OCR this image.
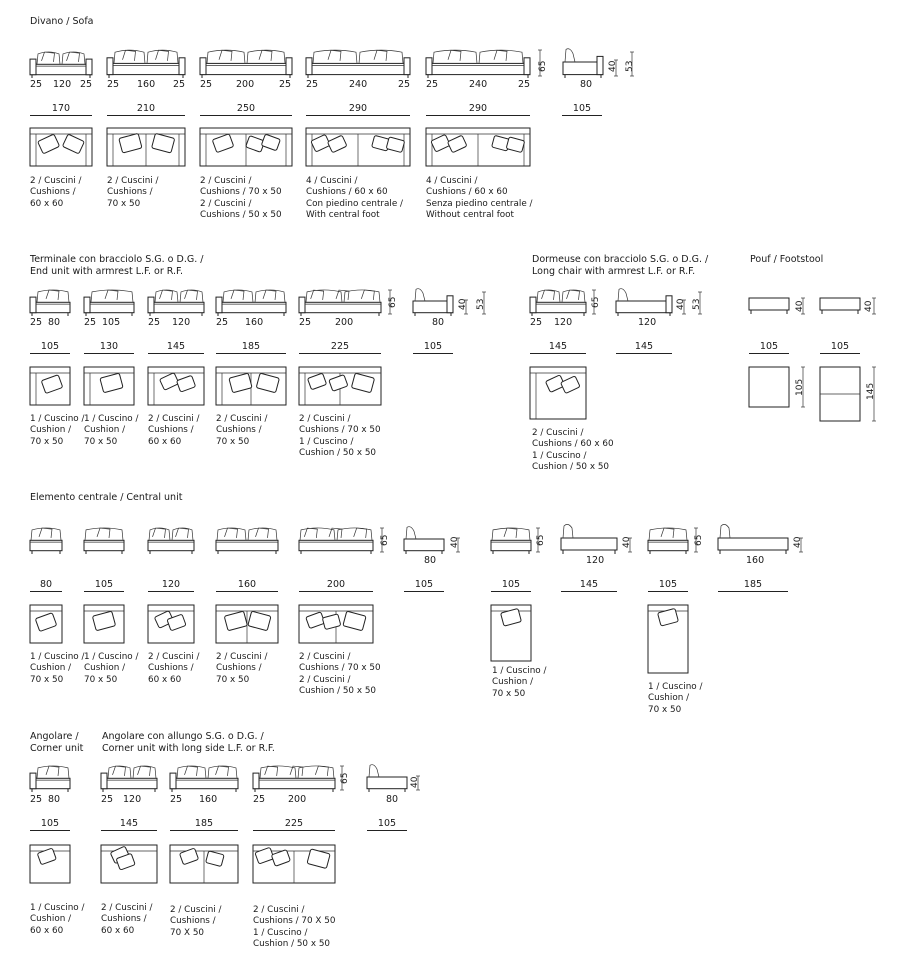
Divano / Sofa
Terminale con bracciolo S.G. o D.G. /
End unit with armrest L.F. or R.F.
Dormeuse con bracciolo S.G. o D.G. /
Long chair with armrest L.F. or R.F.
Pouf / Footstool
Elemento centrale / Central unit
Angolare /
Corner unit
Angolare con allungo S.G. o D.G. /
Corner unit with long side L.F. or R.F.
25 120 25
170
2 / Cuscini /
Cushions /
60 x 60
25 160 25
210
2 / Cuscini /
Cushions /
70 x 50
25	200	25
250
2 / Cuscini /
Cushions / 70 x 50
2 / Cuscini /
Cushions / 50 x 50
25	240	25
290
4 / Cuscini /
Cushions / 60 x 60
Con piedino centrale /
With central foot
25	240	25
290
4 / Cuscini /
Cushions / 60 x 60
Senza piedino centrale /
Without central foot
65
80
40 53
105
25 80
105
1 / Cuscino /
Cushion /
70 x 50
25 105
130
1 / Cuscino /
Cushion /
70 x 50
25 120
145
2 / Cuscini /
Cushions /
60 x 60
25 160
185
2 / Cuscini /
Cushions /
70 x 50
25	200
225
2 / Cuscini /
Cushions / 70 x 50
1 / Cuscino /
Cushion / 50 x 50
65
80
40 53
105
25 120
65
120
40 53
145	145
2 / Cuscini /
Cushions / 60 x 60
1 / Cuscino /
Cushion / 50 x 50
40	40
105	105
105	145
80
1 / Cuscino /
Cushion /
70 x 50
105
1 / Cuscino /
Cushion /
70 x 50
120
2 / Cuscini /
Cushions /
60 x 60
160
2 / Cuscini /
Cushions /
70 x 50
200
2 / Cuscini /
Cushions / 70 x 50
2 / Cuscini /
Cushion / 50 x 50
65
80
40
105
65
105
120
40
145
1 / Cuscino /
Cushion /
70 x 50
65
105
160
40
185
1 / Cuscino /
Cushion /
70 x 50
25 80
105
1 / Cuscino /
Cushion /
60 x 60
25 120
145
2 / Cuscini /
Cushions /
60 x 60
25 160
185
2 / Cuscini /
Cushions /
70 X 50
25 200
225
2 / Cuscini /
Cushions / 70 X 50
1 / Cuscino /
Cushion / 50 x 50
65
80
40
105
